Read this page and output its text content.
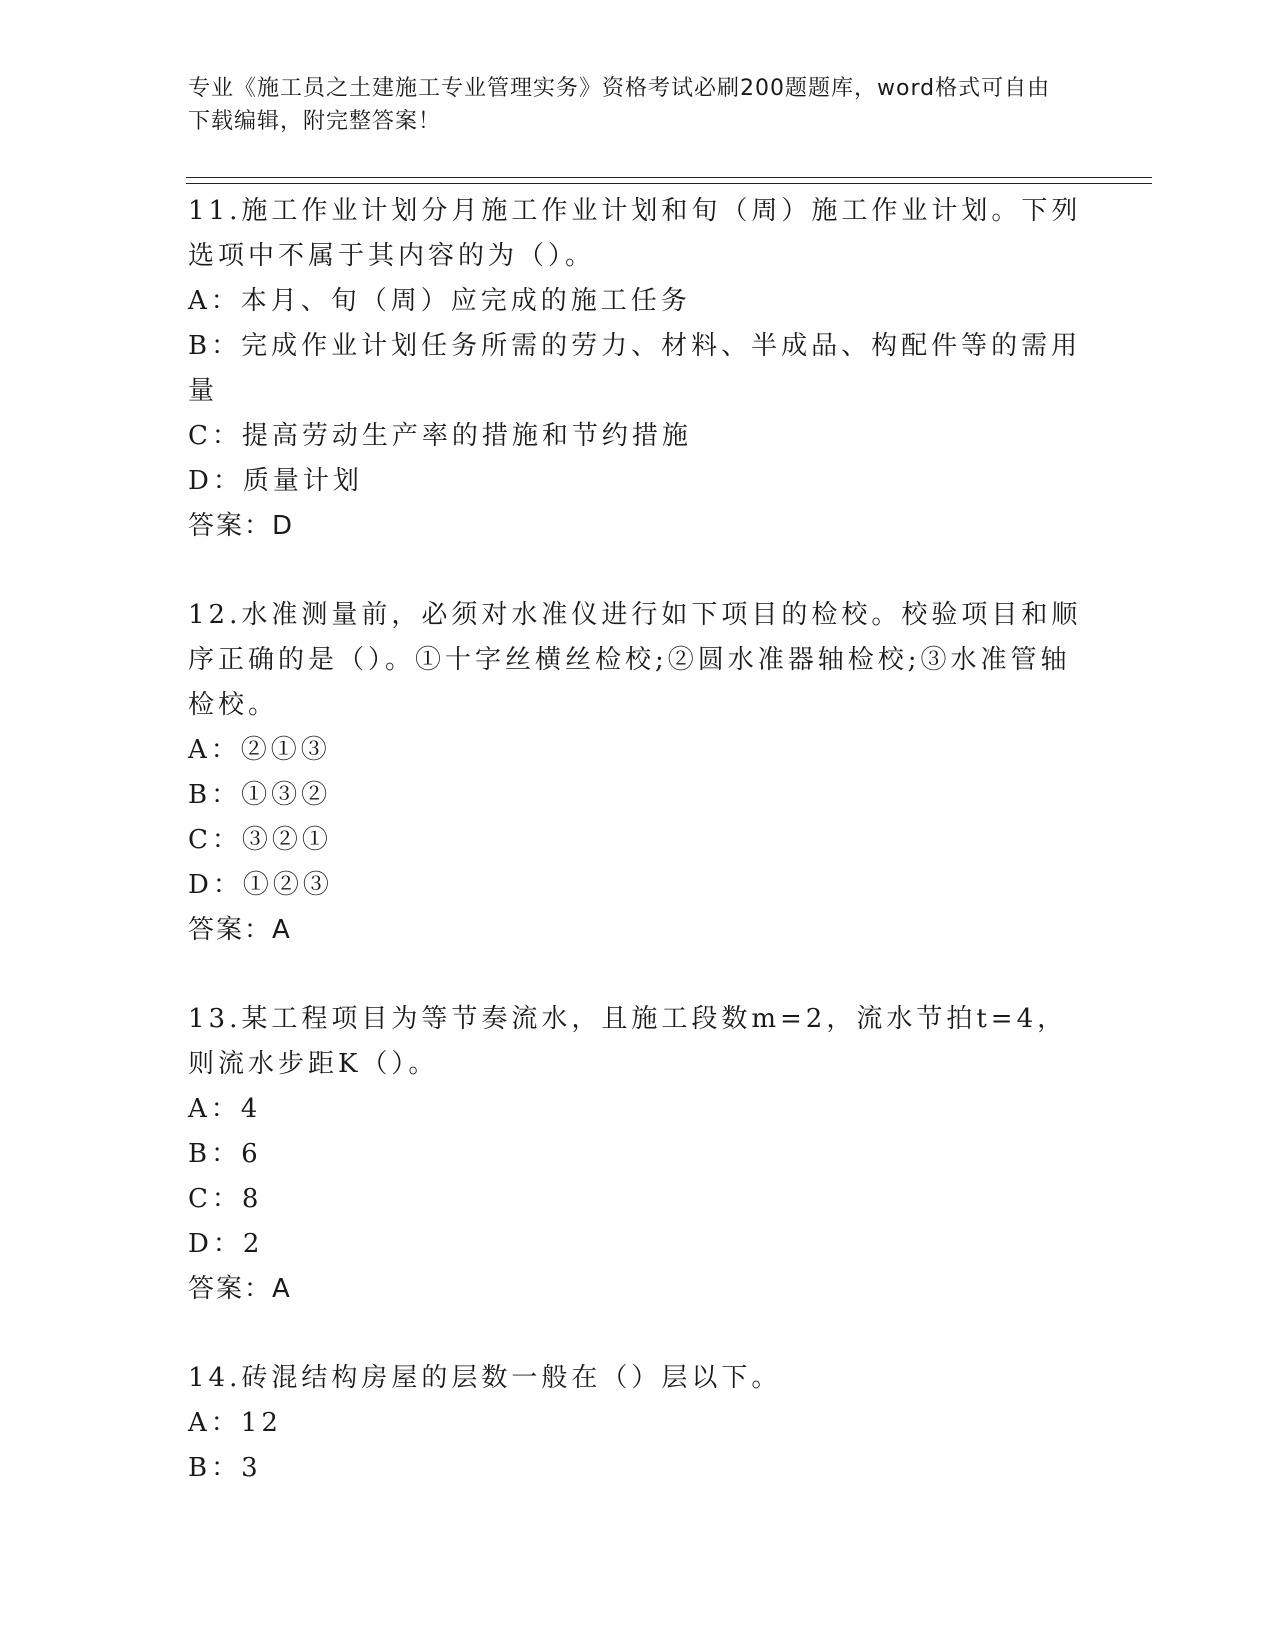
专业《施工员之土建施工专业管理实务》资格考试必刷200题题库，word格式可自由下载编辑，附完整答案！
11.施工作业计划分月施工作业计划和旬（周）施工作业计划。下列选项中不属于其内容的为（）。
A：本月、旬（周）应完成的施工任务
B：完成作业计划任务所需的劳力、材料、半成品、构配件等的需用量
C：提高劳动生产率的措施和节约措施
D：质量计划
答案：D
12.水准测量前，必须对水准仪进行如下项目的检校。校验项目和顺序正确的是（）。①十字丝横丝检校;②圆水准器轴检校;③水准管轴检校。
A：②①③
B：①③②
C：③②①
D：①②③
答案：A
13.某工程项目为等节奏流水，且施工段数m=2，流水节拍t=4，则流水步距K（）。
A：4
B：6
C：8
D：2
答案：A
14.砖混结构房屋的层数一般在（）层以下。
A：12
B：3
